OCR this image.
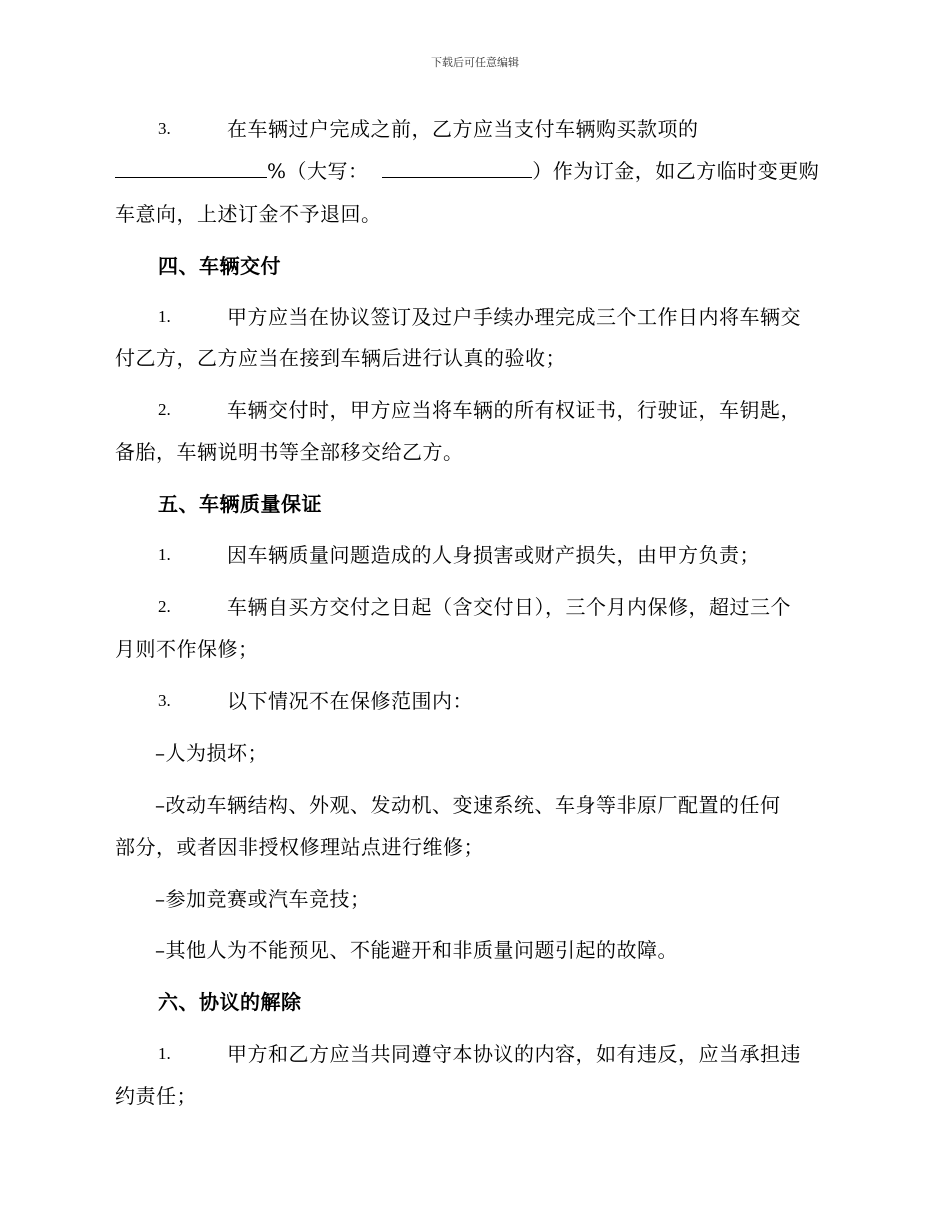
下载后可任意编辑
3.	在车辆过户完成之前，乙方应当支付车辆购买款项的
%（大写：	）作为订金，如乙方临时变更购
车意向，上述订金不予退回。
四、车辆交付
1.	甲方应当在协议签订及过户手续办理完成三个工作日内将车辆交
付乙方，乙方应当在接到车辆后进行认真的验收；
2.	车辆交付时，甲方应当将车辆的所有权证书，行驶证，车钥匙，
备胎，车辆说明书等全部移交给乙方。
五、车辆质量保证
1.	因车辆质量问题造成的人身损害或财产损失，由甲方负责；
2.	车辆自买方交付之日起（含交付日），三个月内保修，超过三个
月则不作保修；
3.	以下情况不在保修范围内：
–人为损坏；
–改动车辆结构、外观、发动机、变速系统、车身等非原厂配置的任何
部分，或者因非授权修理站点进行维修；
–参加竞赛或汽车竞技；
–其他人为不能预见、不能避开和非质量问题引起的故障。
六、协议的解除
1.	甲方和乙方应当共同遵守本协议的内容，如有违反，应当承担违
约责任；
